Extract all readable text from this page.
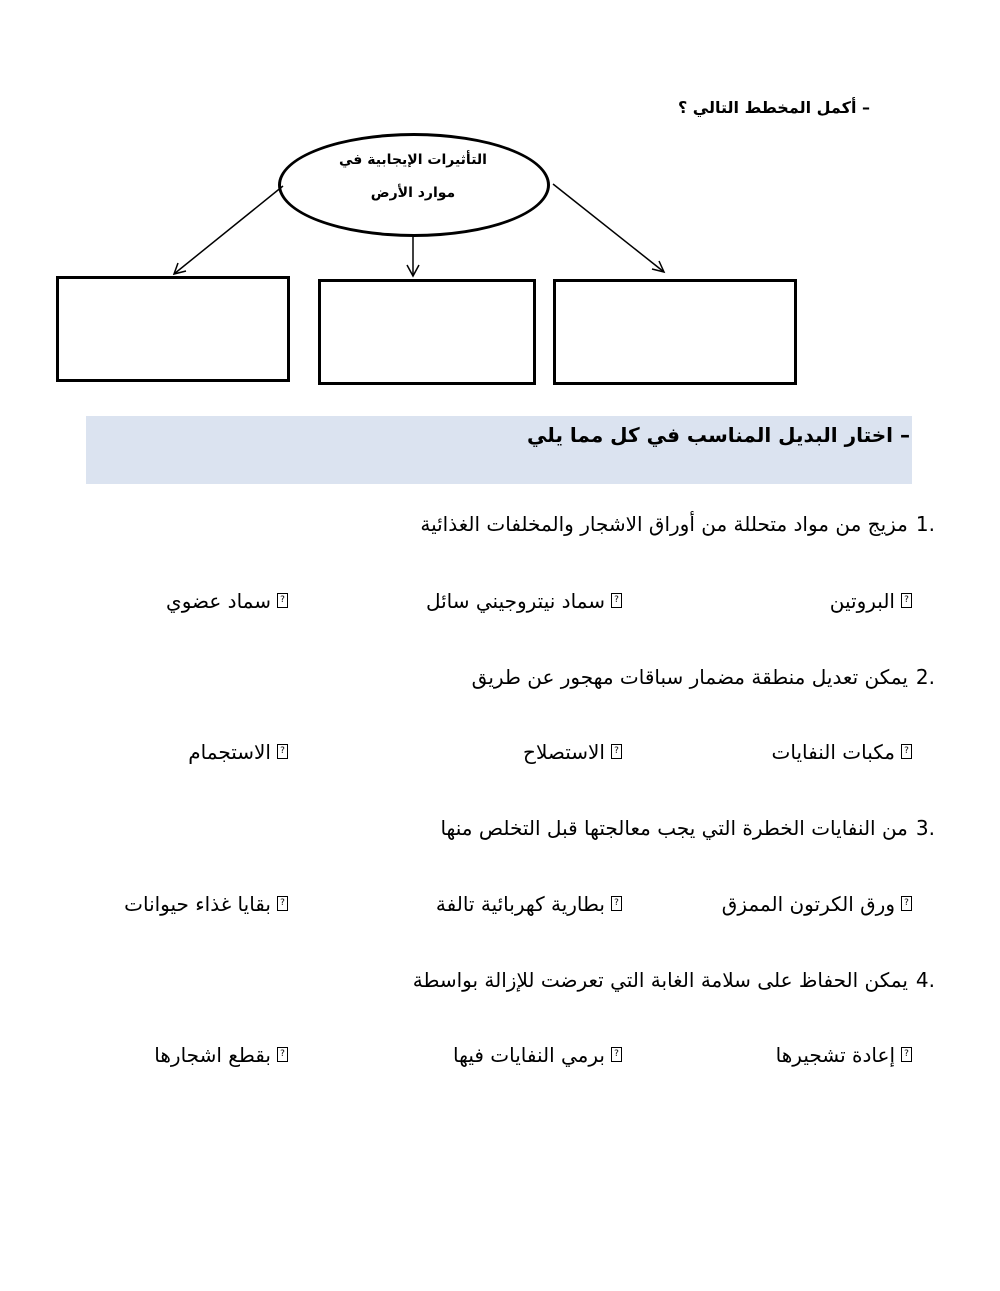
– أكمل المخطط التالي ؟
التأثيرات الإيجابية في
موارد الأرض
– اختار البديل المناسب في كل مما يلي
.1مزيج من مواد متحللة من أوراق الاشجار والمخلفات الغذائية
?البروتين
?سماد نيتروجيني سائل
?سماد عضوي
.2يمكن تعديل منطقة مضمار سباقات مهجور عن طريق
?مكبات النفايات
?الاستصلاح
?الاستجمام
.3من النفايات الخطرة التي يجب معالجتها قبل التخلص منها
?ورق الكرتون الممزق
?بطارية كهربائية تالفة
?بقايا غذاء حيوانات
.4يمكن الحفاظ على سلامة الغابة التي تعرضت للإزالة بواسطة
?إعادة تشجيرها
?برمي النفايات فيها
?بقطع اشجارها
